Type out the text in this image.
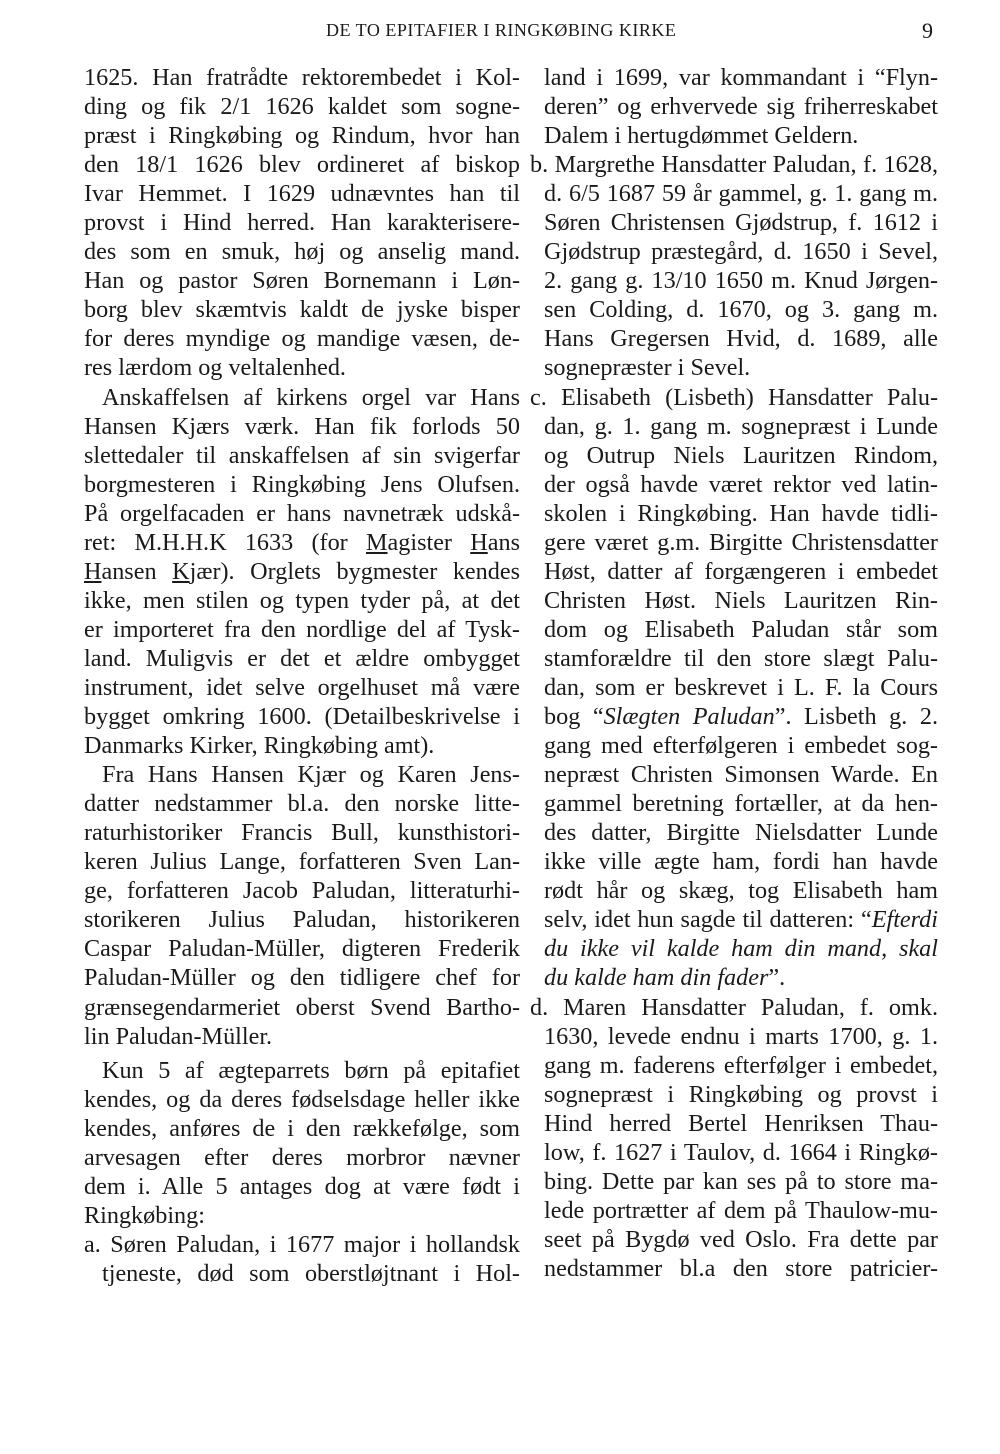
DE TO EPITAFIER I RINGKØBING KIRKE	9
1625. Han fratrådte rektorembedet i Kol-
ding og fik 2/1 1626 kaldet som sogne-
præst i Ringkøbing og Rindum, hvor han
den 18/1 1626 blev ordineret af biskop
Ivar Hemmet. I 1629 udnævntes han til
provst i Hind herred. Han karakterisere-
des som en smuk, høj og anselig mand.
Han og pastor Søren Bornemann i Løn-
borg blev skæmtvis kaldt de jyske bisper
for deres myndige og mandige væsen, de-
res lærdom og veltalenhed.
Anskaffelsen af kirkens orgel var Hans
Hansen Kjærs værk. Han fik forlods 50
slettedaler til anskaffelsen af sin svigerfar
borgmesteren i Ringkøbing Jens Olufsen.
På orgelfacaden er hans navnetræk udskå-
ret: M.H.H.K 1633 (for Magister Hans
Hansen Kjær). Orglets bygmester kendes
ikke, men stilen og typen tyder på, at det
er importeret fra den nordlige del af Tysk-
land. Muligvis er det et ældre ombygget
instrument, idet selve orgelhuset må være
bygget omkring 1600. (Detailbeskrivelse i
Danmarks Kirker, Ringkøbing amt).
Fra Hans Hansen Kjær og Karen Jens-
datter nedstammer bl.a. den norske litte-
raturhistoriker Francis Bull, kunsthistori-
keren Julius Lange, forfatteren Sven Lan-
ge, forfatteren Jacob Paludan, litteraturhi-
storikeren Julius Paludan, historikeren
Caspar Paludan-Müller, digteren Frederik
Paludan-Müller og den tidligere chef for
grænsegendarmeriet oberst Svend Bartho-
lin Paludan-Müller.
Kun 5 af ægteparrets børn på epitafiet
kendes, og da deres fødselsdage heller ikke
kendes, anføres de i den rækkefølge, som
arvesagen efter deres morbror nævner
dem i. Alle 5 antages dog at være født i
Ringkøbing:
a. Søren Paludan, i 1677 major i hollandsk
tjeneste, død som oberstløjtnant i Hol-
land i 1699, var kommandant i “Flyn-
deren” og erhvervede sig friherreskabet
Dalem i hertugdømmet Geldern.
b. Margrethe Hansdatter Paludan, f. 1628,
d. 6/5 1687 59 år gammel, g. 1. gang m.
Søren Christensen Gjødstrup, f. 1612 i
Gjødstrup præstegård, d. 1650 i Sevel,
2. gang g. 13/10 1650 m. Knud Jørgen-
sen Colding, d. 1670, og 3. gang m.
Hans Gregersen Hvid, d. 1689, alle
sognepræster i Sevel.
c. Elisabeth (Lisbeth) Hansdatter Palu-
dan, g. 1. gang m. sognepræst i Lunde
og Outrup Niels Lauritzen Rindom,
der også havde været rektor ved latin-
skolen i Ringkøbing. Han havde tidli-
gere været g.m. Birgitte Christensdatter
Høst, datter af forgængeren i embedet
Christen Høst. Niels Lauritzen Rin-
dom og Elisabeth Paludan står som
stamforældre til den store slægt Palu-
dan, som er beskrevet i L. F. la Cours
bog “Slægten Paludan”. Lisbeth g. 2.
gang med efterfølgeren i embedet sog-
nepræst Christen Simonsen Warde. En
gammel beretning fortæller, at da hen-
des datter, Birgitte Nielsdatter Lunde
ikke ville ægte ham, fordi han havde
rødt hår og skæg, tog Elisabeth ham
selv, idet hun sagde til datteren: “Efterdi
du ikke vil kalde ham din mand, skal
du kalde ham din fader”.
d. Maren Hansdatter Paludan, f. omk.
1630, levede endnu i marts 1700, g. 1.
gang m. faderens efterfølger i embedet,
sognepræst i Ringkøbing og provst i
Hind herred Bertel Henriksen Thau-
low, f. 1627 i Taulov, d. 1664 i Ringkø-
bing. Dette par kan ses på to store ma-
lede portrætter af dem på Thaulow-mu-
seet på Bygdø ved Oslo. Fra dette par
nedstammer bl.a den store patricier-
